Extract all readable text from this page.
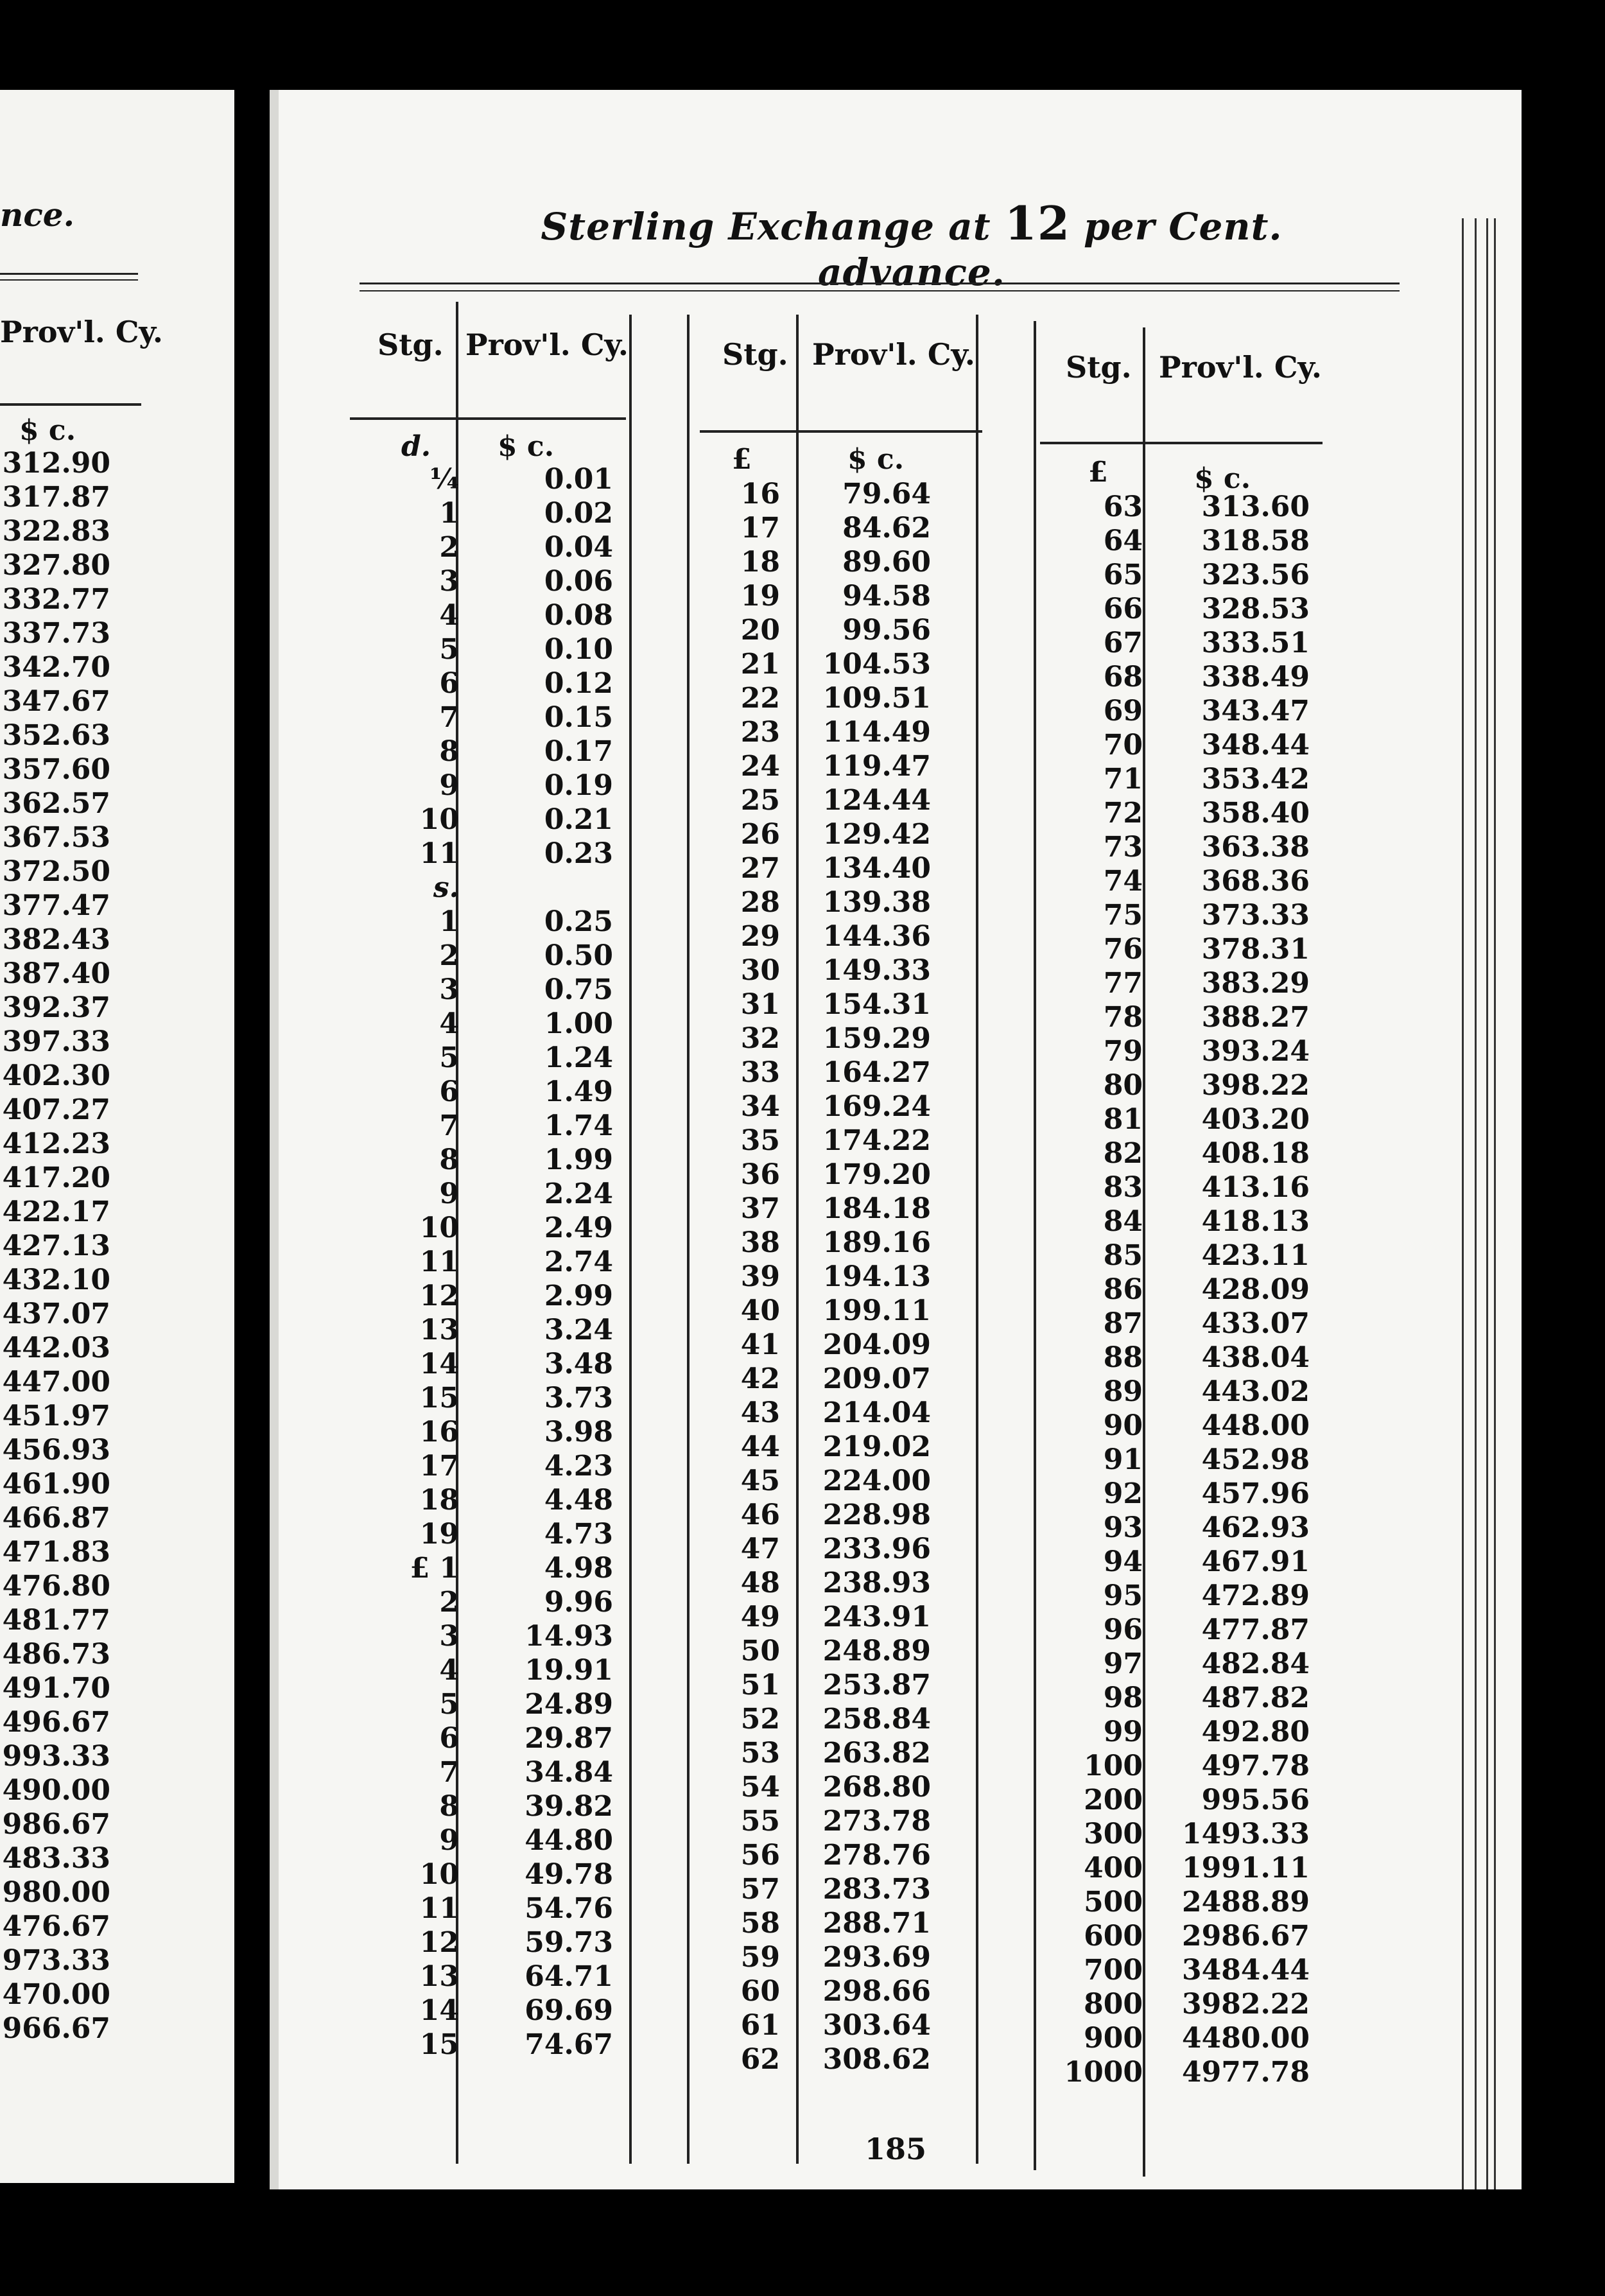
nce.
Prov'l. Cy.
$ c.
312.90
317.87
322.83
327.80
332.77
337.73
342.70
347.67
352.63
357.60
362.57
367.53
372.50
377.47
382.43
387.40
392.37
397.33
402.30
407.27
412.23
417.20
422.17
427.13
432.10
437.07
442.03
447.00
451.97
456.93
461.90
466.87
471.83
476.80
481.77
486.73
491.70
496.67
993.33
490.00
986.67
483.33
980.00
476.67
973.33
470.00
966.67
Sterling Exchange at 12 per Cent. advance.
Stg. Prov'l. Cy.
d. $ c.
¼	0.01
1	0.02
2	0.04
3	0.06
4	0.08
5	0.10
6	0.12
7	0.15
8	0.17
9	0.19
10	0.21
11	0.23
s.
1	0.25
2	0.50
3	0.75
4	1.00
5	1.24
6	1.49
7	1.74
8	1.99
9	2.24
10	2.49
11	2.74
12	2.99
13	3.24
14	3.48
15	3.73
16	3.98
17	4.23
18	4.48
19	4.73
£ 1	4.98
2	9.96
3 14.93
4 19.91
5 24.89
6 29.87
7 34.84
8 39.82
9 44.80
10 49.78
11 54.76
12 59.73
13 64.71
14 69.69
15 74.67
Stg. Prov'l. Cy.
£	$ c.
16 79.64
17 84.62
18 89.60
19 94.58
20 99.56
21 104.53
22 109.51
23 114.49
24 119.47
25 124.44
26 129.42
27 134.40
28 139.38
29 144.36
30 149.33
31 154.31
32 159.29
33 164.27
34 169.24
35 174.22
36 179.20
37 184.18
38 189.16
39 194.13
40 199.11
41 204.09
42 209.07
43 214.04
44 219.02
45 224.00
46 228.98
47 233.96
48 238.93
49 243.91
50 248.89
51 253.87
52 258.84
53 263.82
54 268.80
55 273.78
56 278.76
57 283.73
58 288.71
59 293.69
60 298.66
61 303.64
62 308.62
Stg. Prov'l. Cy.
£	$ c.
63 313.60
64 318.58
65 323.56
66 328.53
67 333.51
68 338.49
69 343.47
70 348.44
71 353.42
72 358.40
73 363.38
74 368.36
75 373.33
76 378.31
77 383.29
78 388.27
79 393.24
80 398.22
81 403.20
82 408.18
83 413.16
84 418.13
85 423.11
86 428.09
87 433.07
88 438.04
89 443.02
90 448.00
91 452.98
92 457.96
93 462.93
94 467.91
95 472.89
96 477.87
97 482.84
98 487.82
99 492.80
100 497.78
200 995.56
300 1493.33
400 1991.11
500 2488.89
600 2986.67
700 3484.44
800 3982.22
900 4480.00
1000 4977.78
185
